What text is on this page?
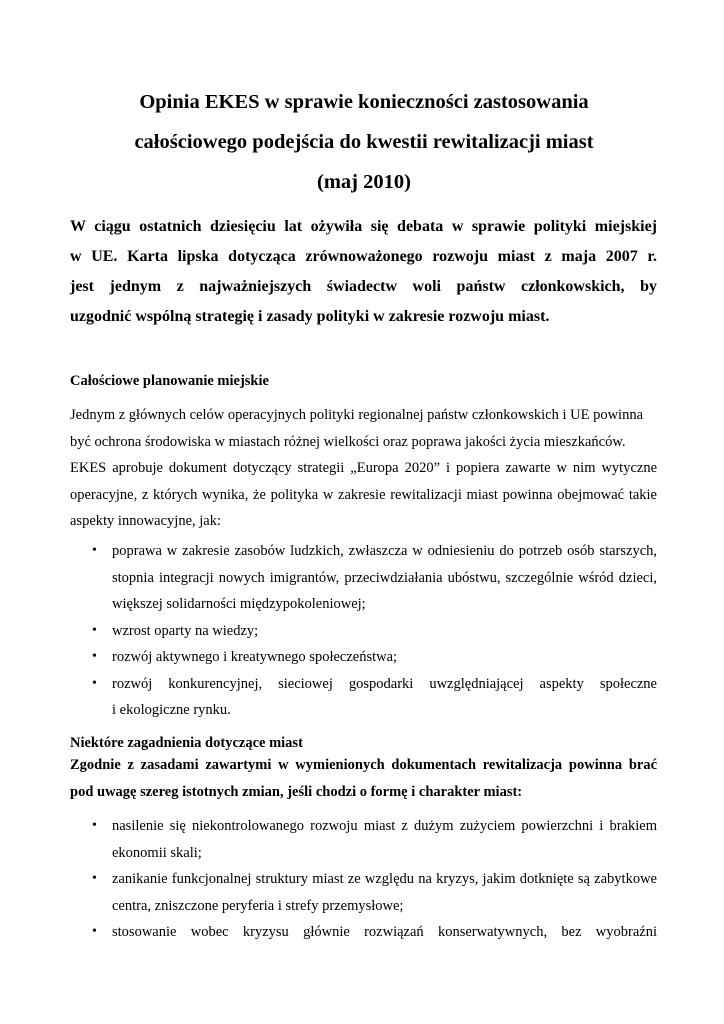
Opinia EKES w sprawie konieczności zastosowania
całościowego podejścia do kwestii rewitalizacji miast
(maj 2010)
W ciągu ostatnich dziesięciu lat ożywiła się debata w sprawie polityki miejskiej
w UE. Karta lipska dotycząca zrównoważonego rozwoju miast z maja 2007 r.
jest jednym z najważniejszych świadectw woli państw członkowskich, by
uzgodnić wspólną strategię i zasady polityki w zakresie rozwoju miast.
Całościowe planowanie miejskie
Jednym z głównych celów operacyjnych polityki regionalnej państw członkowskich i UE powinna
być ochrona środowiska w miastach różnej wielkości oraz poprawa jakości życia mieszkańców.
EKES aprobuje dokument dotyczący strategii „Europa 2020” i popiera zawarte w nim wytyczne
operacyjne, z których wynika, że polityka w zakresie rewitalizacji miast powinna obejmować takie
aspekty innowacyjne, jak:
• poprawa w zakresie zasobów ludzkich, zwłaszcza w odniesieniu do potrzeb osób starszych,
stopnia integracji nowych imigrantów, przeciwdziałania ubóstwu, szczególnie wśród dzieci,
większej solidarności międzypokoleniowej;
• wzrost oparty na wiedzy;
• rozwój aktywnego i kreatywnego społeczeństwa;
• rozwój konkurencyjnej, sieciowej gospodarki uwzględniającej aspekty społeczne
i ekologiczne rynku.
Niektóre zagadnienia dotyczące miast
Zgodnie z zasadami zawartymi w wymienionych dokumentach rewitalizacja powinna brać
pod uwagę szereg istotnych zmian, jeśli chodzi o formę i charakter miast:
• nasilenie się niekontrolowanego rozwoju miast z dużym zużyciem powierzchni i brakiem
ekonomii skali;
• zanikanie funkcjonalnej struktury miast ze względu na kryzys, jakim dotknięte są zabytkowe
centra, zniszczone peryferia i strefy przemysłowe;
• stosowanie wobec kryzysu głównie rozwiązań konserwatywnych, bez wyobraźni
